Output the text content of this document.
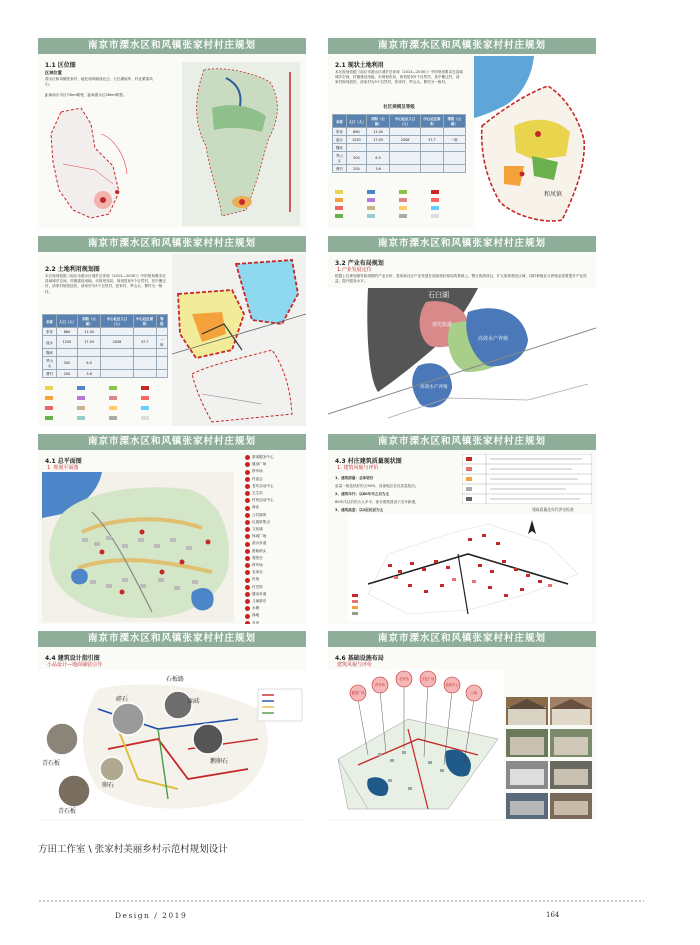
南京市溧水区和风镇张家村村庄规划
1.1 区位图
区域位置
溧水区和凤镇张家村、地处和凤镇西北边，石臼湖南岸，村北紧靠凤山。
距离南京市区73km路程，距离溧水区26km路程。
南京市溧水区和风镇张家村村庄规划
2.1 现状土地利用
本区规划依据《南京市溧水区城乡总体规（2013—2030）》中的规划要求在县域城乡空间，村镇建设用地，未规划布局，规划居民5个自然村，其中搬迁村，请家村规划居民，请家村为5个自然村，张家村，罗山头，曹村为一般村。
社区规模及等级
名称	人口（人）	面积（公顷）	中心社区人口（人）	中心社区面积	等级（公顷）
张家	860	11.00			
渡水	1250	17.55	2008	37.7	一般
魏家					
罗山头	300	6.5			
曹村	200	3.6			
和凤镇
南京市溧水区和风镇张家村村庄规划
2.2 土地利用规划图
本区规划依据《南京市溧水区城乡总体规（2013—2030）》中的规划要求在县域城乡空间，村镇建设用地，未规划布局，规划居民5个自然村，其中搬迁村，请家村规划居民，请家村为5个自然村，张家村，罗山头，曹村为一般村。
名称	人口（人）	面积（公顷）	中心社区人口（人）	中心社区面积	等级
张家	860	11.00			
渡水	1250	17.55	2008	37.7	一般
魏家					
罗山头	300	6.5			
曹村	200	3.6			
南京市溧水区和风镇张家村村庄规划
3.2 产业布局规划
1.产业发展定位
根据上位规划指导和周围的产业分析，张家新社区产业发展在延续现状格局的基础上，整合旅游项目，扩大旅游观光区域，同时种植业与养殖业需要提升产业效益，提升服务水平。
石臼湖
观光旅游
高效水产养殖
高效水产养殖
南京市溧水区和风镇张家村村庄规划
4.1 总平面图
1. 规划平面图
游客服务中心
健身广场
停车场
村委会
老年活动中心
卫生站
村民活动中心
商业
公共厕所
垃圾收集点
文化墙
休闲广场
滨水步道
游船码头
观景台
停车场
农家乐
民宿
村史馆
健身步道
儿童游乐
水塘
绿地
农田
南京市溧水区和风镇张家村村庄规划
4.3 村庄建筑质量现状图
1. 建筑风貌与评价
1、建筑质量：总体较好
质量一般及较好的占90%，局部地区存在质量危旧。
2、建筑年代：以80年代之后为主
80年代以后的占大多半，部分建筑建设于近年新建。
3、建筑高度：以2层民居为主	建筑质量及年代评定标准
南京市溧水区和风镇张家村村庄规划
4.4 建筑设计指引图
小品设计—地面铺装引导
碎石
石板路
面砖
青石板
青石板
鹅卵石
卵石
南京市溧水区和风镇张家村村庄规划
4.6 基础设施布局
建筑风貌与评价
健康广场
停车场
农家乐	文化广场
游客中心
公厕
方田工作室 \ 张家村美丽乡村示范村规划设计
Design / 2019	164
